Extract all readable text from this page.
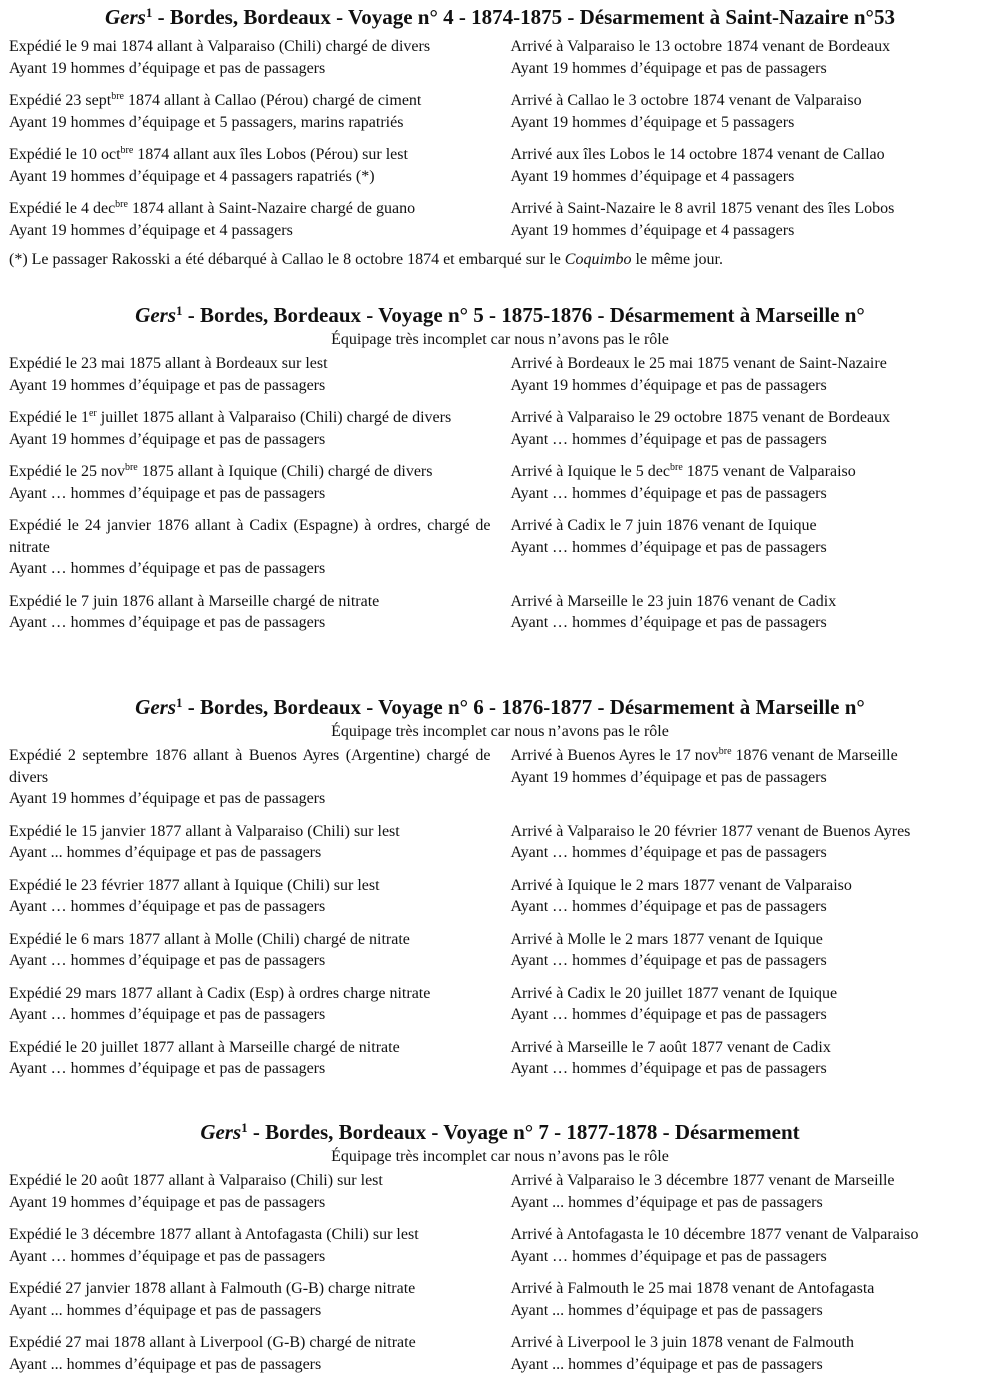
Gers$^1$ - Bordes, Bordeaux - Voyage n° 4 - 1874-1875 - Désarmement à Saint-Nazaire n°53
Expédié le 9 mai 1874 allant à Valparaiso (Chili) chargé de divers
Ayant 19 hommes d’équipage et pas de passagers
Arrivé à Valparaiso le 13 octobre 1874 venant de Bordeaux
Ayant 19 hommes d’équipage et pas de passagers
Expédié 23 sept$^{bre}$ 1874 allant à Callao (Pérou) chargé de ciment
Ayant 19 hommes d’équipage et 5 passagers, marins rapatriés
Arrivé à Callao le 3 octobre 1874 venant de Valparaiso
Ayant 19 hommes d’équipage et 5 passagers
Expédié le 10 oct$^{bre}$ 1874 allant aux îles Lobos (Pérou) sur lest
Ayant 19 hommes d’équipage et 4 passagers rapatriés (*)
Arrivé aux îles Lobos le 14 octobre 1874 venant de Callao
Ayant 19 hommes d’équipage et 4 passagers
Expédié le 4 dec$^{bre}$ 1874 allant à Saint-Nazaire chargé de guano
Ayant 19 hommes d’équipage et 4 passagers
Arrivé à Saint-Nazaire le 8 avril 1875 venant des îles Lobos
Ayant 19 hommes d’équipage et 4 passagers
(*) Le passager Rakosski a été débarqué à Callao le 8 octobre 1874 et embarqué sur le Coquimbo le même jour.
Gers$^1$ - Bordes, Bordeaux - Voyage n° 5 - 1875-1876 - Désarmement à Marseille n°
Équipage très incomplet car nous n’avons pas le rôle
Expédié le 23 mai 1875 allant à Bordeaux sur lest
Ayant 19 hommes d’équipage et pas de passagers
Arrivé à Bordeaux le 25 mai 1875 venant de Saint-Nazaire
Ayant 19 hommes d’équipage et pas de passagers
Expédié le 1er juillet 1875 allant à Valparaiso (Chili) chargé de divers
Ayant 19 hommes d’équipage et pas de passagers
Arrivé à Valparaiso le 29 octobre 1875 venant de Bordeaux
Ayant … hommes d’équipage et pas de passagers
Expédié le 25 nov$^{bre}$ 1875 allant à Iquique (Chili) chargé de divers
Ayant … hommes d’équipage et pas de passagers
Arrivé à Iquique le 5 dec$^{bre}$ 1875 venant de Valparaiso
Ayant … hommes d’équipage et pas de passagers
Expédié le 24 janvier 1876 allant à Cadix (Espagne) à ordres, chargé de nitrate
Ayant … hommes d’équipage et pas de passagers
Arrivé à Cadix le 7 juin 1876 venant de Iquique
Ayant … hommes d’équipage et pas de passagers
Expédié le 7 juin 1876 allant à Marseille chargé de nitrate
Ayant … hommes d’équipage et pas de passagers
Arrivé à Marseille le 23 juin 1876 venant de Cadix
Ayant … hommes d’équipage et pas de passagers
Gers$^1$ - Bordes, Bordeaux - Voyage n° 6 - 1876-1877 - Désarmement à Marseille n°
Équipage très incomplet car nous n’avons pas le rôle
Expédié 2 septembre 1876 allant à Buenos Ayres (Argentine) chargé de divers
Ayant 19 hommes d’équipage et pas de passagers
Arrivé à Buenos Ayres le 17 nov$^{bre}$ 1876 venant de Marseille
Ayant 19 hommes d’équipage et pas de passagers
Expédié le 15 janvier 1877 allant à Valparaiso (Chili) sur lest
Ayant ... hommes d’équipage et pas de passagers
Arrivé à Valparaiso le 20 février 1877 venant de Buenos Ayres
Ayant … hommes d’équipage et pas de passagers
Expédié le 23 février 1877 allant à Iquique (Chili) sur lest
Ayant … hommes d’équipage et pas de passagers
Arrivé à Iquique le 2 mars 1877 venant de Valparaiso
Ayant … hommes d’équipage et pas de passagers
Expédié le 6 mars 1877 allant à Molle (Chili) chargé de nitrate
Ayant … hommes d’équipage et pas de passagers
Arrivé à Molle le 2 mars 1877 venant de Iquique
Ayant … hommes d’équipage et pas de passagers
Expédié 29 mars 1877 allant à Cadix (Esp) à ordres charge nitrate
Ayant … hommes d’équipage et pas de passagers
Arrivé à Cadix le 20 juillet 1877 venant de Iquique
Ayant … hommes d’équipage et pas de passagers
Expédié le 20 juillet 1877 allant à Marseille chargé de nitrate
Ayant … hommes d’équipage et pas de passagers
Arrivé à Marseille le 7 août 1877 venant de Cadix
Ayant … hommes d’équipage et pas de passagers
Gers$^1$ - Bordes, Bordeaux - Voyage n° 7 - 1877-1878 - Désarmement
Équipage très incomplet car nous n’avons pas le rôle
Expédié le 20 août 1877 allant à Valparaiso (Chili) sur lest
Ayant 19 hommes d’équipage et pas de passagers
Arrivé à Valparaiso le 3 décembre 1877 venant de Marseille
Ayant ... hommes d’équipage et pas de passagers
Expédié le 3 décembre 1877 allant à Antofagasta (Chili) sur lest
Ayant … hommes d’équipage et pas de passagers
Arrivé à Antofagasta le 10 décembre 1877 venant de Valparaiso
Ayant … hommes d’équipage et pas de passagers
Expédié 27 janvier 1878 allant à Falmouth (G-B) charge nitrate
Ayant ... hommes d’équipage et pas de passagers
Arrivé à Falmouth le 25 mai 1878 venant de Antofagasta
Ayant ... hommes d’équipage et pas de passagers
Expédié 27 mai 1878 allant à Liverpool (G-B) chargé de nitrate
Ayant ... hommes d’équipage et pas de passagers
Arrivé à Liverpool le 3 juin 1878 venant de Falmouth
Ayant ... hommes d’équipage et pas de passagers
